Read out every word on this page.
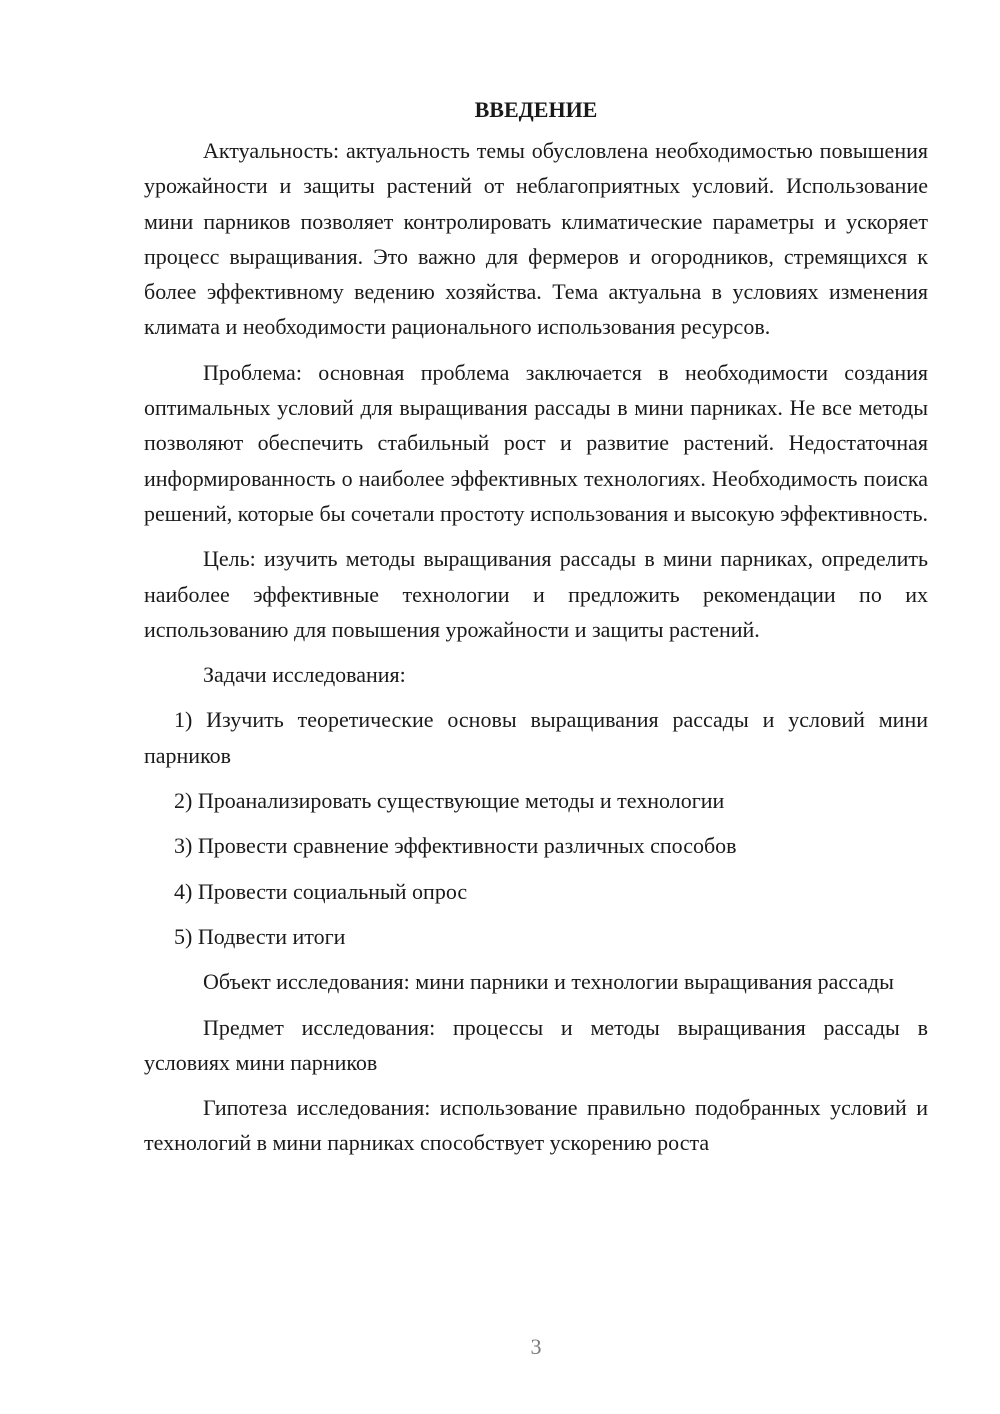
ВВЕДЕНИЕ

Актуальность: актуальность темы обусловлена необходимостью повышения урожайности и защиты растений от неблагоприятных условий. Использование мини парников позволяет контролировать климатические параметры и ускоряет процесс выращивания. Это важно для фермеров и огородников, стремящихся к более эффективному ведению хозяйства. Тема актуальна в условиях изменения климата и необходимости рационального использования ресурсов.

Проблема: основная проблема заключается в необходимости создания оптимальных условий для выращивания рассады в мини парниках. Не все методы позволяют обеспечить стабильный рост и развитие растений. Недостаточная информированность о наиболее эффективных технологиях. Необходимость поиска решений, которые бы сочетали простоту использования и высокую эффективность.

Цель: изучить методы выращивания рассады в мини парниках, определить наиболее эффективные технологии и предложить рекомендации по их использованию для повышения урожайности и защиты растений.

Задачи исследования:

1) Изучить теоретические основы выращивания рассады и условий мини парников

2) Проанализировать существующие методы и технологии

3) Провести сравнение эффективности различных способов

4) Провести социальный опрос

5) Подвести итоги

Объект исследования: мини парники и технологии выращивания рассады

Предмет исследования: процессы и методы выращивания рассады в условиях мини парников

Гипотеза исследования: использование правильно подобранных условий и технологий в мини парниках способствует ускорению роста

3
